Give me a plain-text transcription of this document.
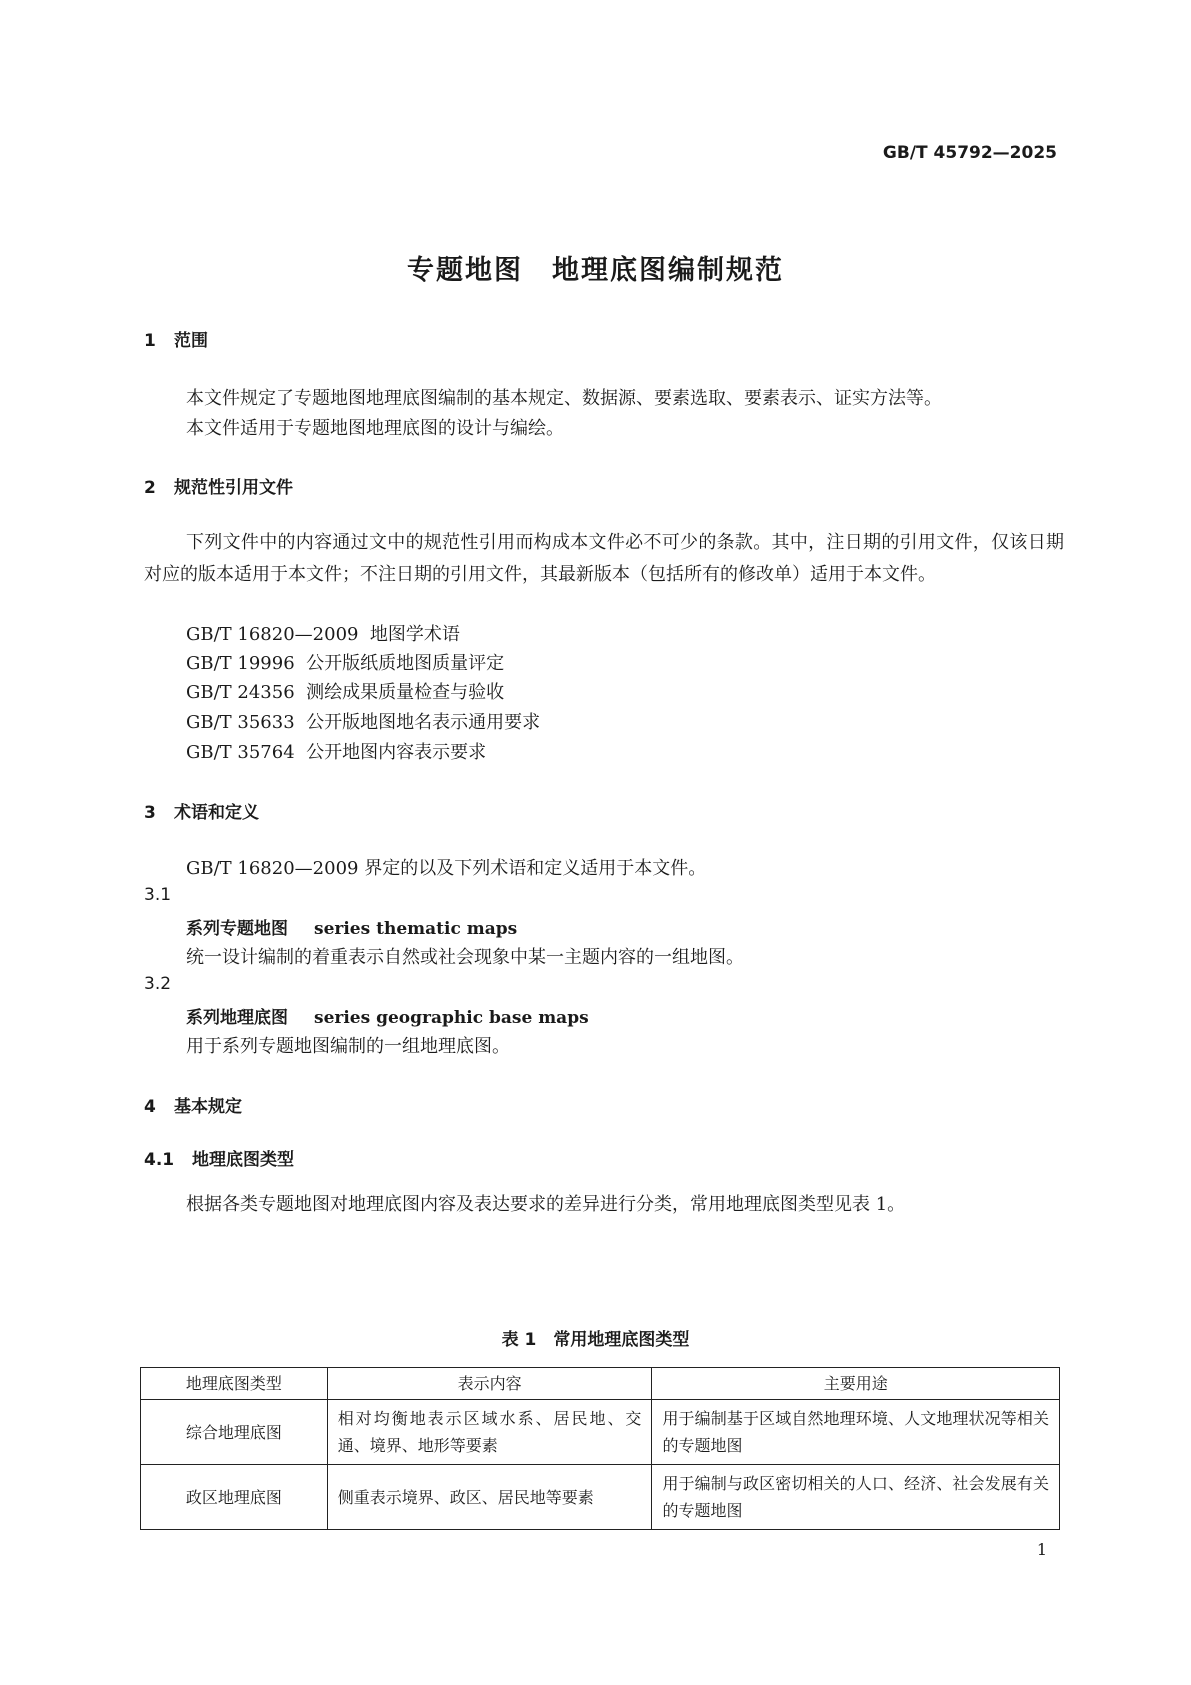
GB/T 45792—2025
专题地图　地理底图编制规范
1 范围
本文件规定了专题地图地理底图编制的基本规定、数据源、要素选取、要素表示、证实方法等。
本文件适用于专题地图地理底图的设计与编绘。
2 规范性引用文件
下列文件中的内容通过文中的规范性引用而构成本文件必不可少的条款。其中，注日期的引用文件，仅该日期对应的版本适用于本文件；不注日期的引用文件，其最新版本（包括所有的修改单）适用于本文件。
GB/T 16820—2009 地图学术语
GB/T 19996 公开版纸质地图质量评定
GB/T 24356 测绘成果质量检查与验收
GB/T 35633 公开版地图地名表示通用要求
GB/T 35764 公开地图内容表示要求
3 术语和定义
GB/T 16820—2009 界定的以及下列术语和定义适用于本文件。
3.1
系列专题地图 series thematic maps
统一设计编制的着重表示自然或社会现象中某一主题内容的一组地图。
3.2
系列地理底图 series geographic base maps
用于系列专题地图编制的一组地理底图。
4 基本规定
4.1 地理底图类型
根据各类专题地图对地理底图内容及表达要求的差异进行分类，常用地理底图类型见表 1。
表 1　常用地理底图类型
地理底图类型	表示内容	主要用途
综合地理底图	相对均衡地表示区域水系、居民地、交通、境界、地形等要素	用于编制基于区域自然地理环境、人文地理状况等相关的专题地图
政区地理底图	侧重表示境界、政区、居民地等要素	用于编制与政区密切相关的人口、经济、社会发展有关的专题地图
1
